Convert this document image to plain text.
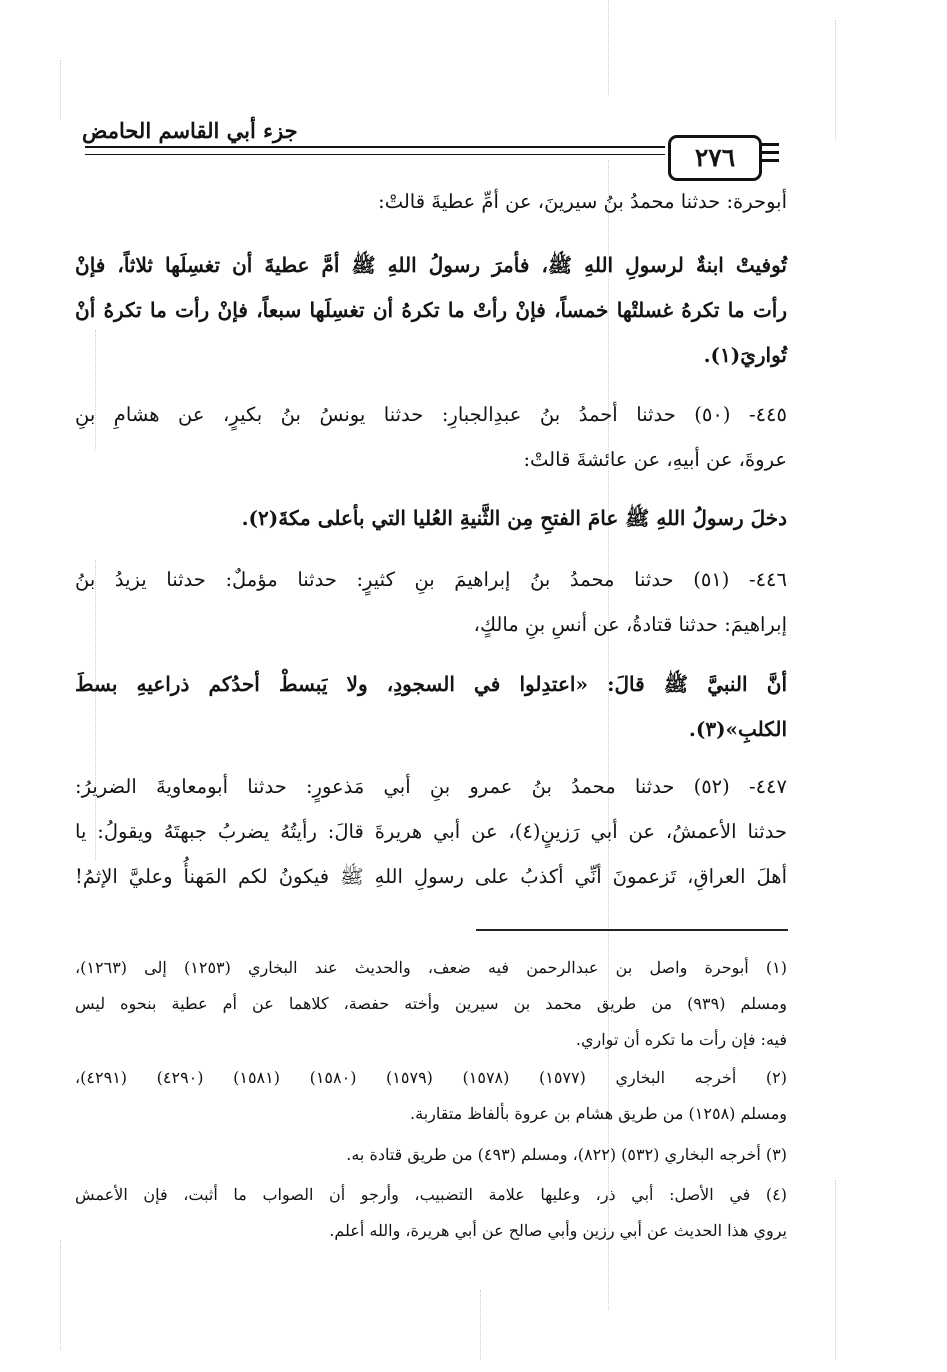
جزء أبي القاسم الحامض
٢٧٦
أبوحرة: حدثنا محمدُ بنُ سيرينَ، عن أمِّ عطيةَ قالتْ:
تُوفيتْ ابنةٌ لرسولِ اللهِ ﷺ، فأمرَ رسولُ اللهِ ﷺ أمَّ عطيةَ أن تغسِلَها ثلاثاً، فإنْ
رأت ما تكرهُ غسلتْها خمساً، فإنْ رأتْ ما تكرهُ أن تغسِلَها سبعاً، فإنْ رأت ما تكرهُ أنْ
تُواريَ(١).
٤٤٥- (٥٠) حدثنا أحمدُ بنُ عبدِالجبارِ: حدثنا يونسُ بنُ بكيرٍ، عن هشامِ بنِ
عروةَ، عن أبيهِ، عن عائشةَ قالتْ:
دخلَ رسولُ اللهِ ﷺ عامَ الفتحِ مِن الثَّنيةِ العُليا التي بأعلى مكةَ(٢).
٤٤٦- (٥١) حدثنا محمدُ بنُ إبراهيمَ بنِ كثيرٍ: حدثنا مؤملٌ: حدثنا يزيدُ بنُ
إبراهيمَ: حدثنا قتادةُ، عن أنسِ بنِ مالكٍ،
أنَّ النبيَّ ﷺ قالَ: «اعتدِلوا في السجودِ، ولا يَبسطْ أحدُكم ذراعيهِ بسطَ
الكلبِ»(٣).
٤٤٧- (٥٢) حدثنا محمدُ بنُ عمرو بنِ أبي مَذعورٍ: حدثنا أبومعاويةَ الضريرُ:
حدثنا الأعمشُ، عن أبي رَزينٍ(٤)، عن أبي هريرةَ قالَ: رأيتُهُ يضربُ جبهتَهُ ويقولُ: يا
أهلَ العراقِ، تَزعمونَ أنِّي أكذبُ على رسولِ اللهِ ﷺ فيكونُ لكم المَهنأُ وعليَّ الإثمُ!
(١) أبوحرة واصل بن عبدالرحمن فيه ضعف، والحديث عند البخاري (١٢٥٣) إلى (١٢٦٣)،
ومسلم (٩٣٩) من طريق محمد بن سيرين وأخته حفصة، كلاهما عن أم عطية بنحوه ليس
فيه: فإن رأت ما تكره أن تواري.
(٢) أخرجه البخاري (١٥٧٧) (١٥٧٨) (١٥٧٩) (١٥٨٠) (١٥٨١) (٤٢٩٠) (٤٢٩١)،
ومسلم (١٢٥٨) من طريق هشام بن عروة بألفاظ متقاربة.
(٣) أخرجه البخاري (٥٣٢) (٨٢٢)، ومسلم (٤٩٣) من طريق قتادة به.
(٤) في الأصل: أبي ذر، وعليها علامة التضبيب، وأرجو أن الصواب ما أثبت، فإن الأعمش
يروي هذا الحديث عن أبي رزين وأبي صالح عن أبي هريرة، والله أعلم.
